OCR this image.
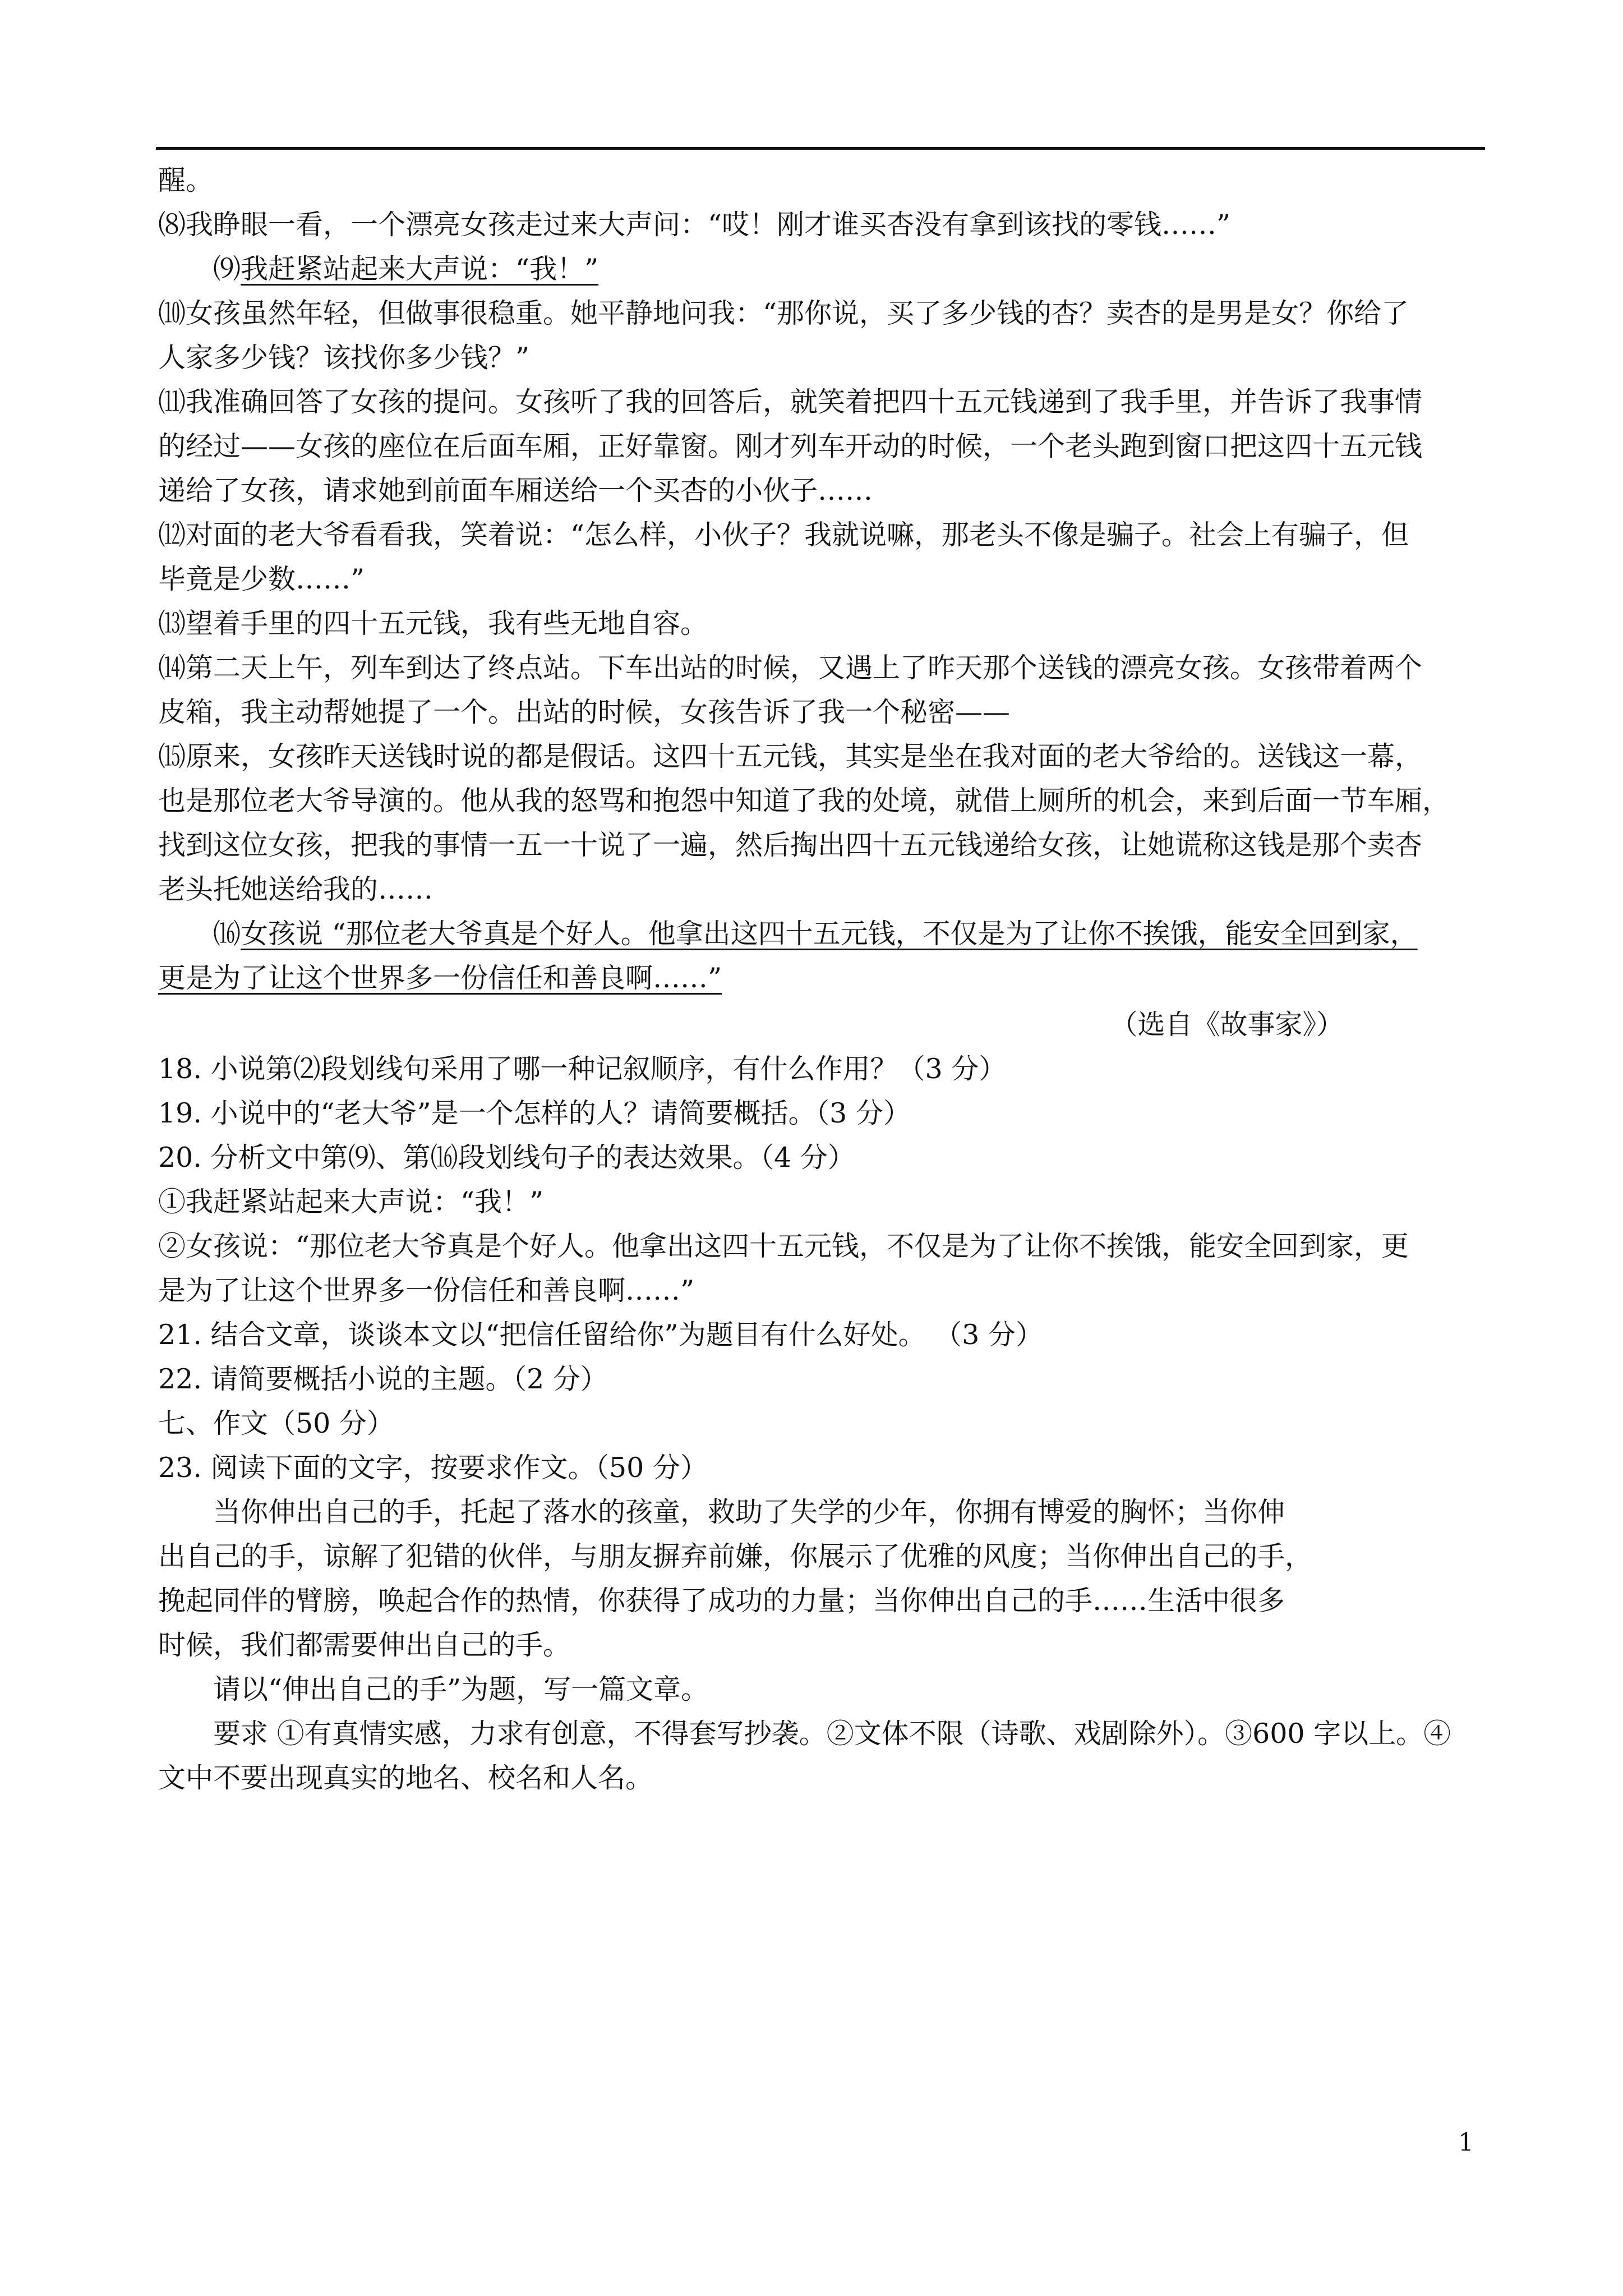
醒。

⑻我睁眼一看，一个漂亮女孩走过来大声问：“哎！刚才谁买杏没有拿到该找的零钱……”

⑼我赶紧站起来大声说：“我！”

⑽女孩虽然年轻，但做事很稳重。她平静地问我：“那你说，买了多少钱的杏？卖杏的是男是女？你给了

人家多少钱？该找你多少钱？”

⑾我准确回答了女孩的提问。女孩听了我的回答后，就笑着把四十五元钱递到了我手里，并告诉了我事情

的经过——女孩的座位在后面车厢，正好靠窗。刚才列车开动的时候，一个老头跑到窗口把这四十五元钱

递给了女孩，请求她到前面车厢送给一个买杏的小伙子……

⑿对面的老大爷看看我，笑着说：“怎么样，小伙子？我就说嘛，那老头不像是骗子。社会上有骗子，但

毕竟是少数……”

⒀望着手里的四十五元钱，我有些无地自容。

⒁第二天上午，列车到达了终点站。下车出站的时候，又遇上了昨天那个送钱的漂亮女孩。女孩带着两个

皮箱，我主动帮她提了一个。出站的时候，女孩告诉了我一个秘密——

⒂原来，女孩昨天送钱时说的都是假话。这四十五元钱，其实是坐在我对面的老大爷给的。送钱这一幕，

也是那位老大爷导演的。他从我的怒骂和抱怨中知道了我的处境，就借上厕所的机会，来到后面一节车厢，

找到这位女孩，把我的事情一五一十说了一遍，然后掏出四十五元钱递给女孩，让她谎称这钱是那个卖杏

老头托她送给我的……

⒃女孩说 “那位老大爷真是个好人。他拿出这四十五元钱，不仅是为了让你不挨饿，能安全回到家，

更是为了让这个世界多一份信任和善良啊……”

（选自《故事家》）

18. 小说第⑵段划线句采用了哪一种记叙顺序，有什么作用？（3 分）

19. 小说中的“老大爷”是一个怎样的人？请简要概括。（3 分）

20. 分析文中第⑼、第⒃段划线句子的表达效果。（4 分）

①我赶紧站起来大声说：“我！”

②女孩说：“那位老大爷真是个好人。他拿出这四十五元钱，不仅是为了让你不挨饿，能安全回到家，更

是为了让这个世界多一份信任和善良啊……”

21. 结合文章，谈谈本文以“把信任留给你”为题目有什么好处。 （3 分）

22. 请简要概括小说的主题。（2 分）

七、作文（50 分）

23. 阅读下面的文字，按要求作文。（50 分）

当你伸出自己的手，托起了落水的孩童，救助了失学的少年，你拥有博爱的胸怀；当你伸

出自己的手，谅解了犯错的伙伴，与朋友摒弃前嫌，你展示了优雅的风度；当你伸出自己的手，

挽起同伴的臂膀，唤起合作的热情，你获得了成功的力量；当你伸出自己的手……生活中很多

时候，我们都需要伸出自己的手。

请以“伸出自己的手”为题，写一篇文章。

要求 ①有真情实感，力求有创意，不得套写抄袭。②文体不限（诗歌、戏剧除外）。③600 字以上。④

文中不要出现真实的地名、校名和人名。

1
